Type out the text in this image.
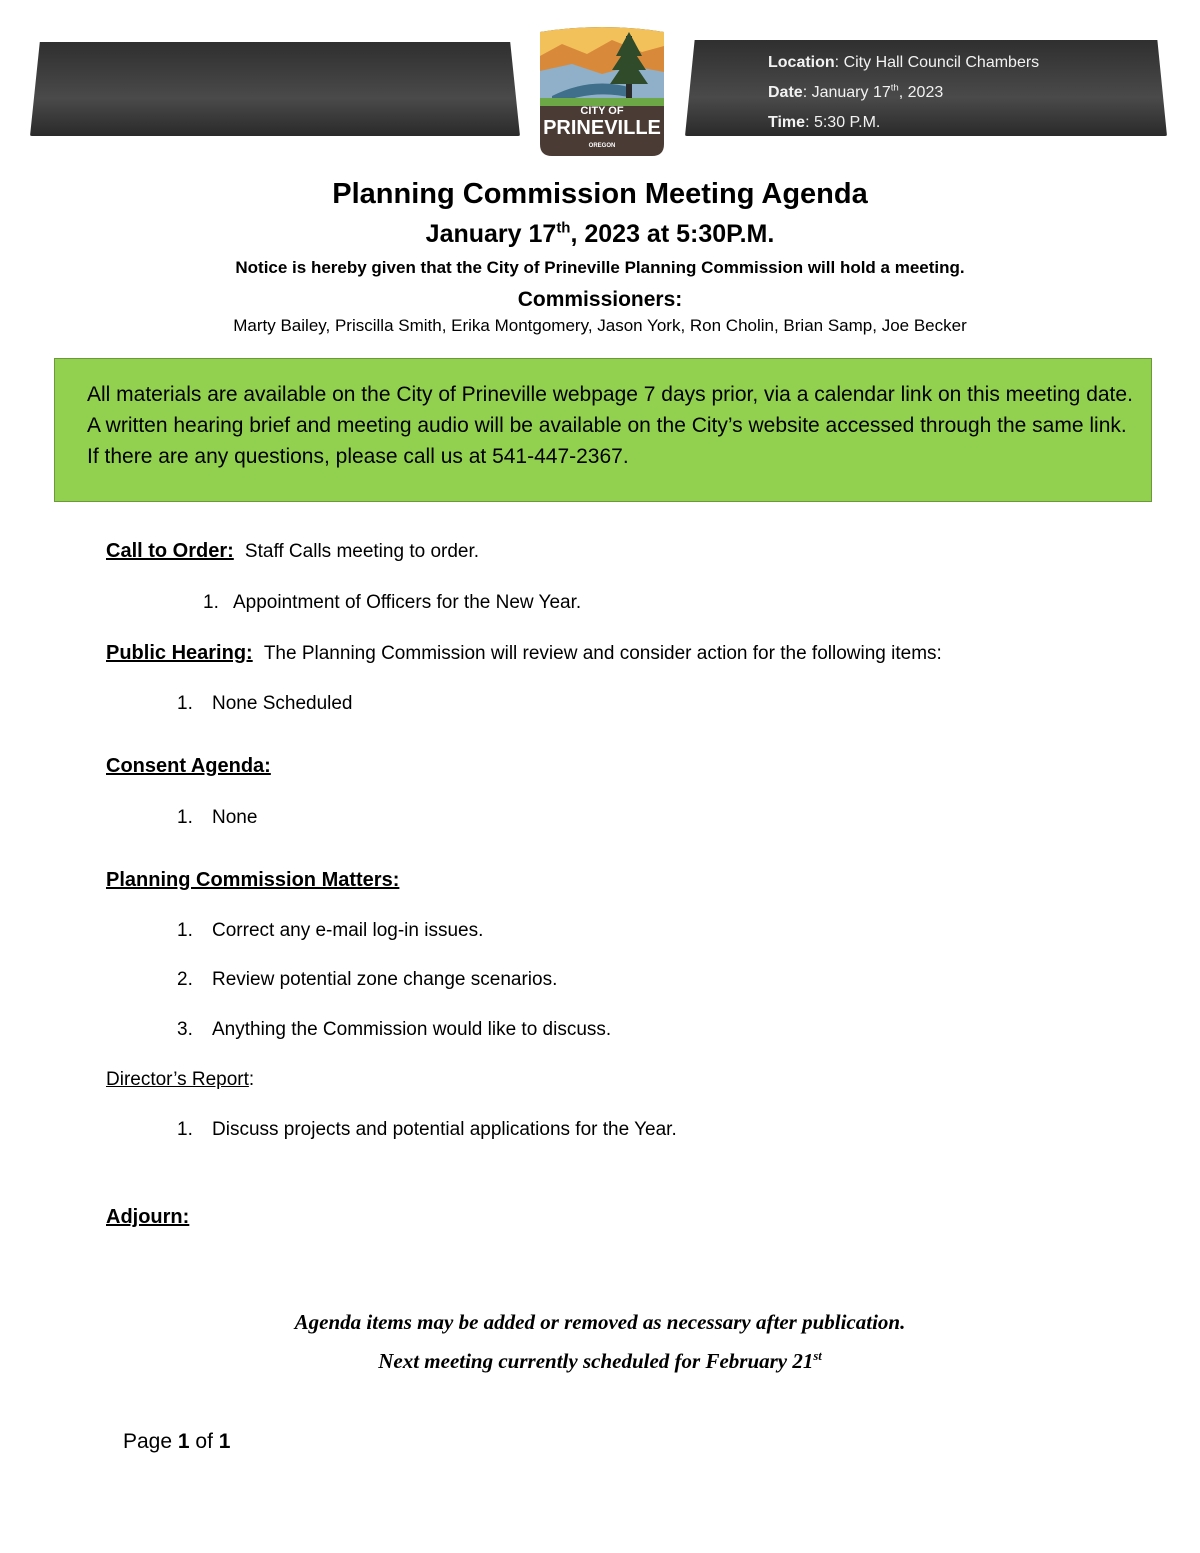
Location: City Hall Council Chambers
Date: January 17th, 2023
Time: 5:30 P.M.
CITY OF
PRINEVILLE
OREGON
Planning Commission Meeting Agenda
January 17th, 2023 at 5:30P.M.
Notice is hereby given that the City of Prineville Planning Commission will hold a meeting.
Commissioners:
Marty Bailey, Priscilla Smith, Erika Montgomery, Jason York, Ron Cholin, Brian Samp, Joe Becker

All materials are available on the City of Prineville webpage 7 days prior, via a calendar link on this meeting date. A written hearing brief and meeting audio will be available on the City’s website accessed through the same link. If there are any questions, please call us at 541-447-2367.

Call to Order: Staff Calls meeting to order.
1. Appointment of Officers for the New Year.
Public Hearing: The Planning Commission will review and consider action for the following items:
1. None Scheduled
Consent Agenda:
1. None
Planning Commission Matters:
1. Correct any e-mail log-in issues.
2. Review potential zone change scenarios.
3. Anything the Commission would like to discuss.
Director’s Report:
1. Discuss projects and potential applications for the Year.
Adjourn:
Agenda items may be added or removed as necessary after publication.
Next meeting currently scheduled for February 21st
Page 1 of 1
